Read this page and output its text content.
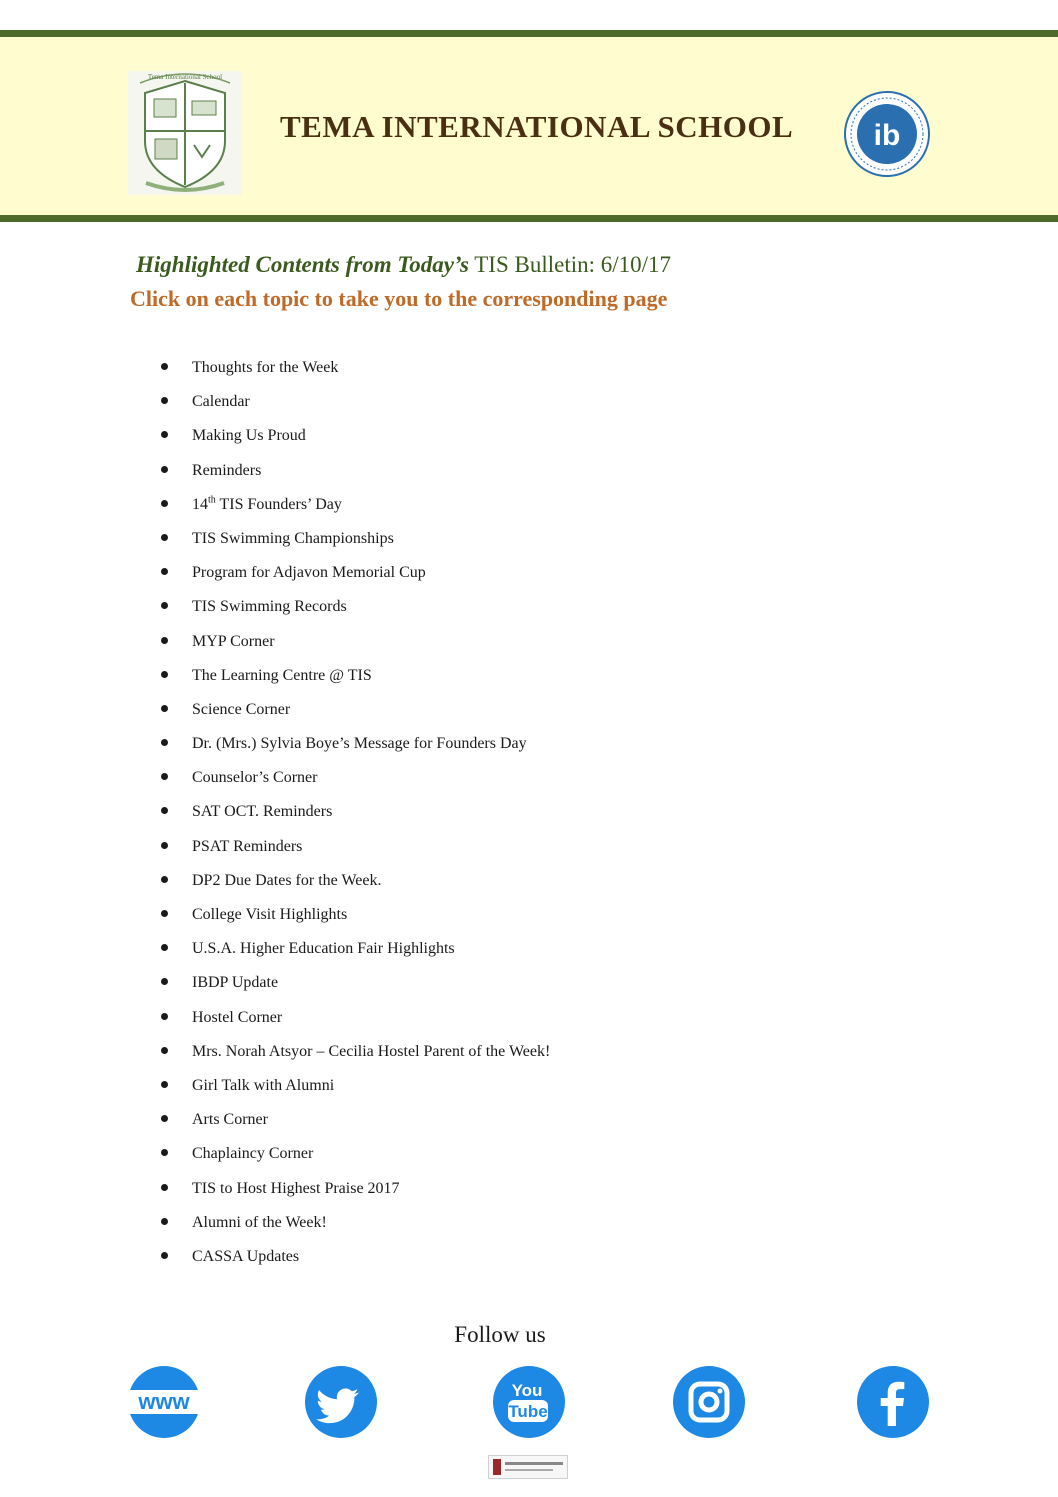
Tema International School
TEMA INTERNATIONAL SCHOOL	ib
Highlighted Contents from Today’s TIS Bulletin: 6/10/17
Click on each topic to take you to the corresponding page
Thoughts for the Week
Calendar
Making Us Proud
Reminders
14th TIS Founders’ Day
TIS Swimming Championships
Program for Adjavon Memorial Cup
TIS Swimming Records
MYP Corner
The Learning Centre @ TIS
Science Corner
Dr. (Mrs.) Sylvia Boye’s Message for Founders Day
Counselor’s Corner
SAT OCT. Reminders
PSAT Reminders
DP2 Due Dates for the Week.
College Visit Highlights
U.S.A. Higher Education Fair Highlights
IBDP Update
Hostel Corner
Mrs. Norah Atsyor – Cecilia Hostel Parent of the Week!
Girl Talk with Alumni
Arts Corner
Chaplaincy Corner
TIS to Host Highest Praise 2017
Alumni of the Week!
CASSA Updates
Follow us
www	You
Tube
